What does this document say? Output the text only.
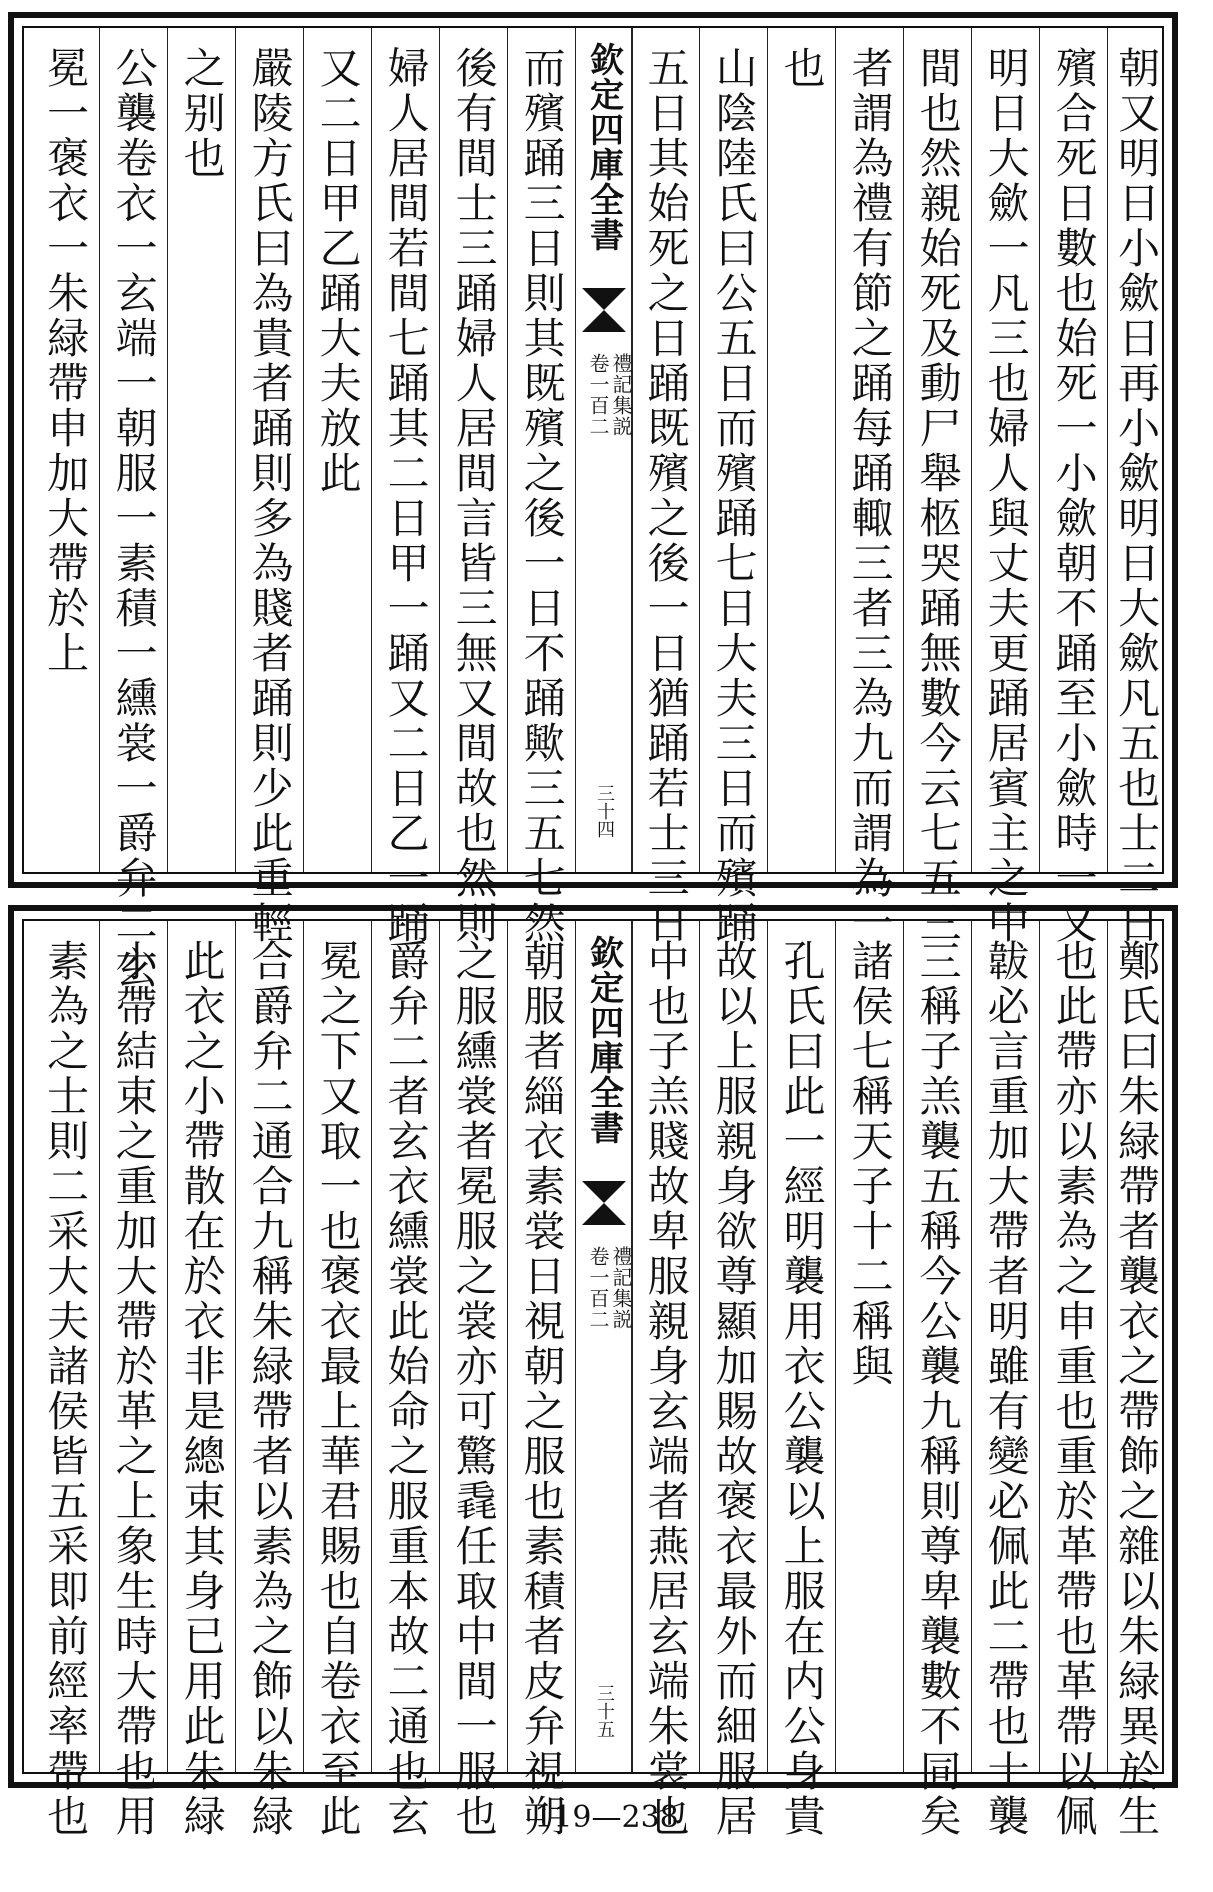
朝又明日小歛日再小歛明日大歛凡五也士二日
殯合死日數也始死一小歛朝不踊至小歛時一又
明日大歛一凡三也婦人與丈夫更踊居賓主之中
間也然親始死及動尸舉柩哭踊無數今云七五三
者謂為禮有節之踊每踊輙三者三為九而謂為一
也
山陰陸氏曰公五日而殯踊七日大夫三日而殯踊
五日其始死之日踊既殯之後一日猶踊若士三日
欽定四庫全書
禮記集説
卷一百二
三十四
而殯踊三日則其既殯之後一日不踊歟三五七然
後有間士三踊婦人居間言皆三無又間故也然則
婦人居間若間七踊其二日甲一踊又二日乙一踊
又二日甲乙踊大夫放此
嚴陵方氏曰為貴者踊則多為賤者踊則少此重輕
之别也
公襲卷衣一玄端一朝服一素積一纁裳一爵弁二玄
冕一褒衣一朱緑帶申加大帶於上
鄭氏曰朱緑帶者襲衣之帶飾之雜以朱緑異於生
也此帶亦以素為之申重也重於革帶也革帶以佩
韍必言重加大帶者明雖有變必佩此二帶也士襲
三稱子羔襲五稱今公襲九稱則尊卑襲數不同矣
諸侯七稱天子十二稱與
孔氏曰此一經明襲用衣公襲以上服在内公身貴
故以上服親身欲尊顯加賜故褒衣最外而細服居
中也子羔賤故卑服親身玄端者燕居玄端朱裳也
欽定四庫全書
禮記集説
卷一百二
三十五
朝服者緇衣素裳日視朝之服也素積者皮弁視朔
之服纁裳者冕服之裳亦可驚毳任取中間一服也
爵弁二者玄衣纁裳此始命之服重本故二通也玄
冕之下又取一也褒衣最上華君賜也自卷衣至此
合爵弁二通合九稱朱緑帶者以素為之飾以朱緑
此衣之小帶散在於衣非是總束其身已用此朱緑
小帶結束之重加大帶於革之上象生時大帶也用
素為之士則二采大夫諸侯皆五采即前經率帶也	119—238
